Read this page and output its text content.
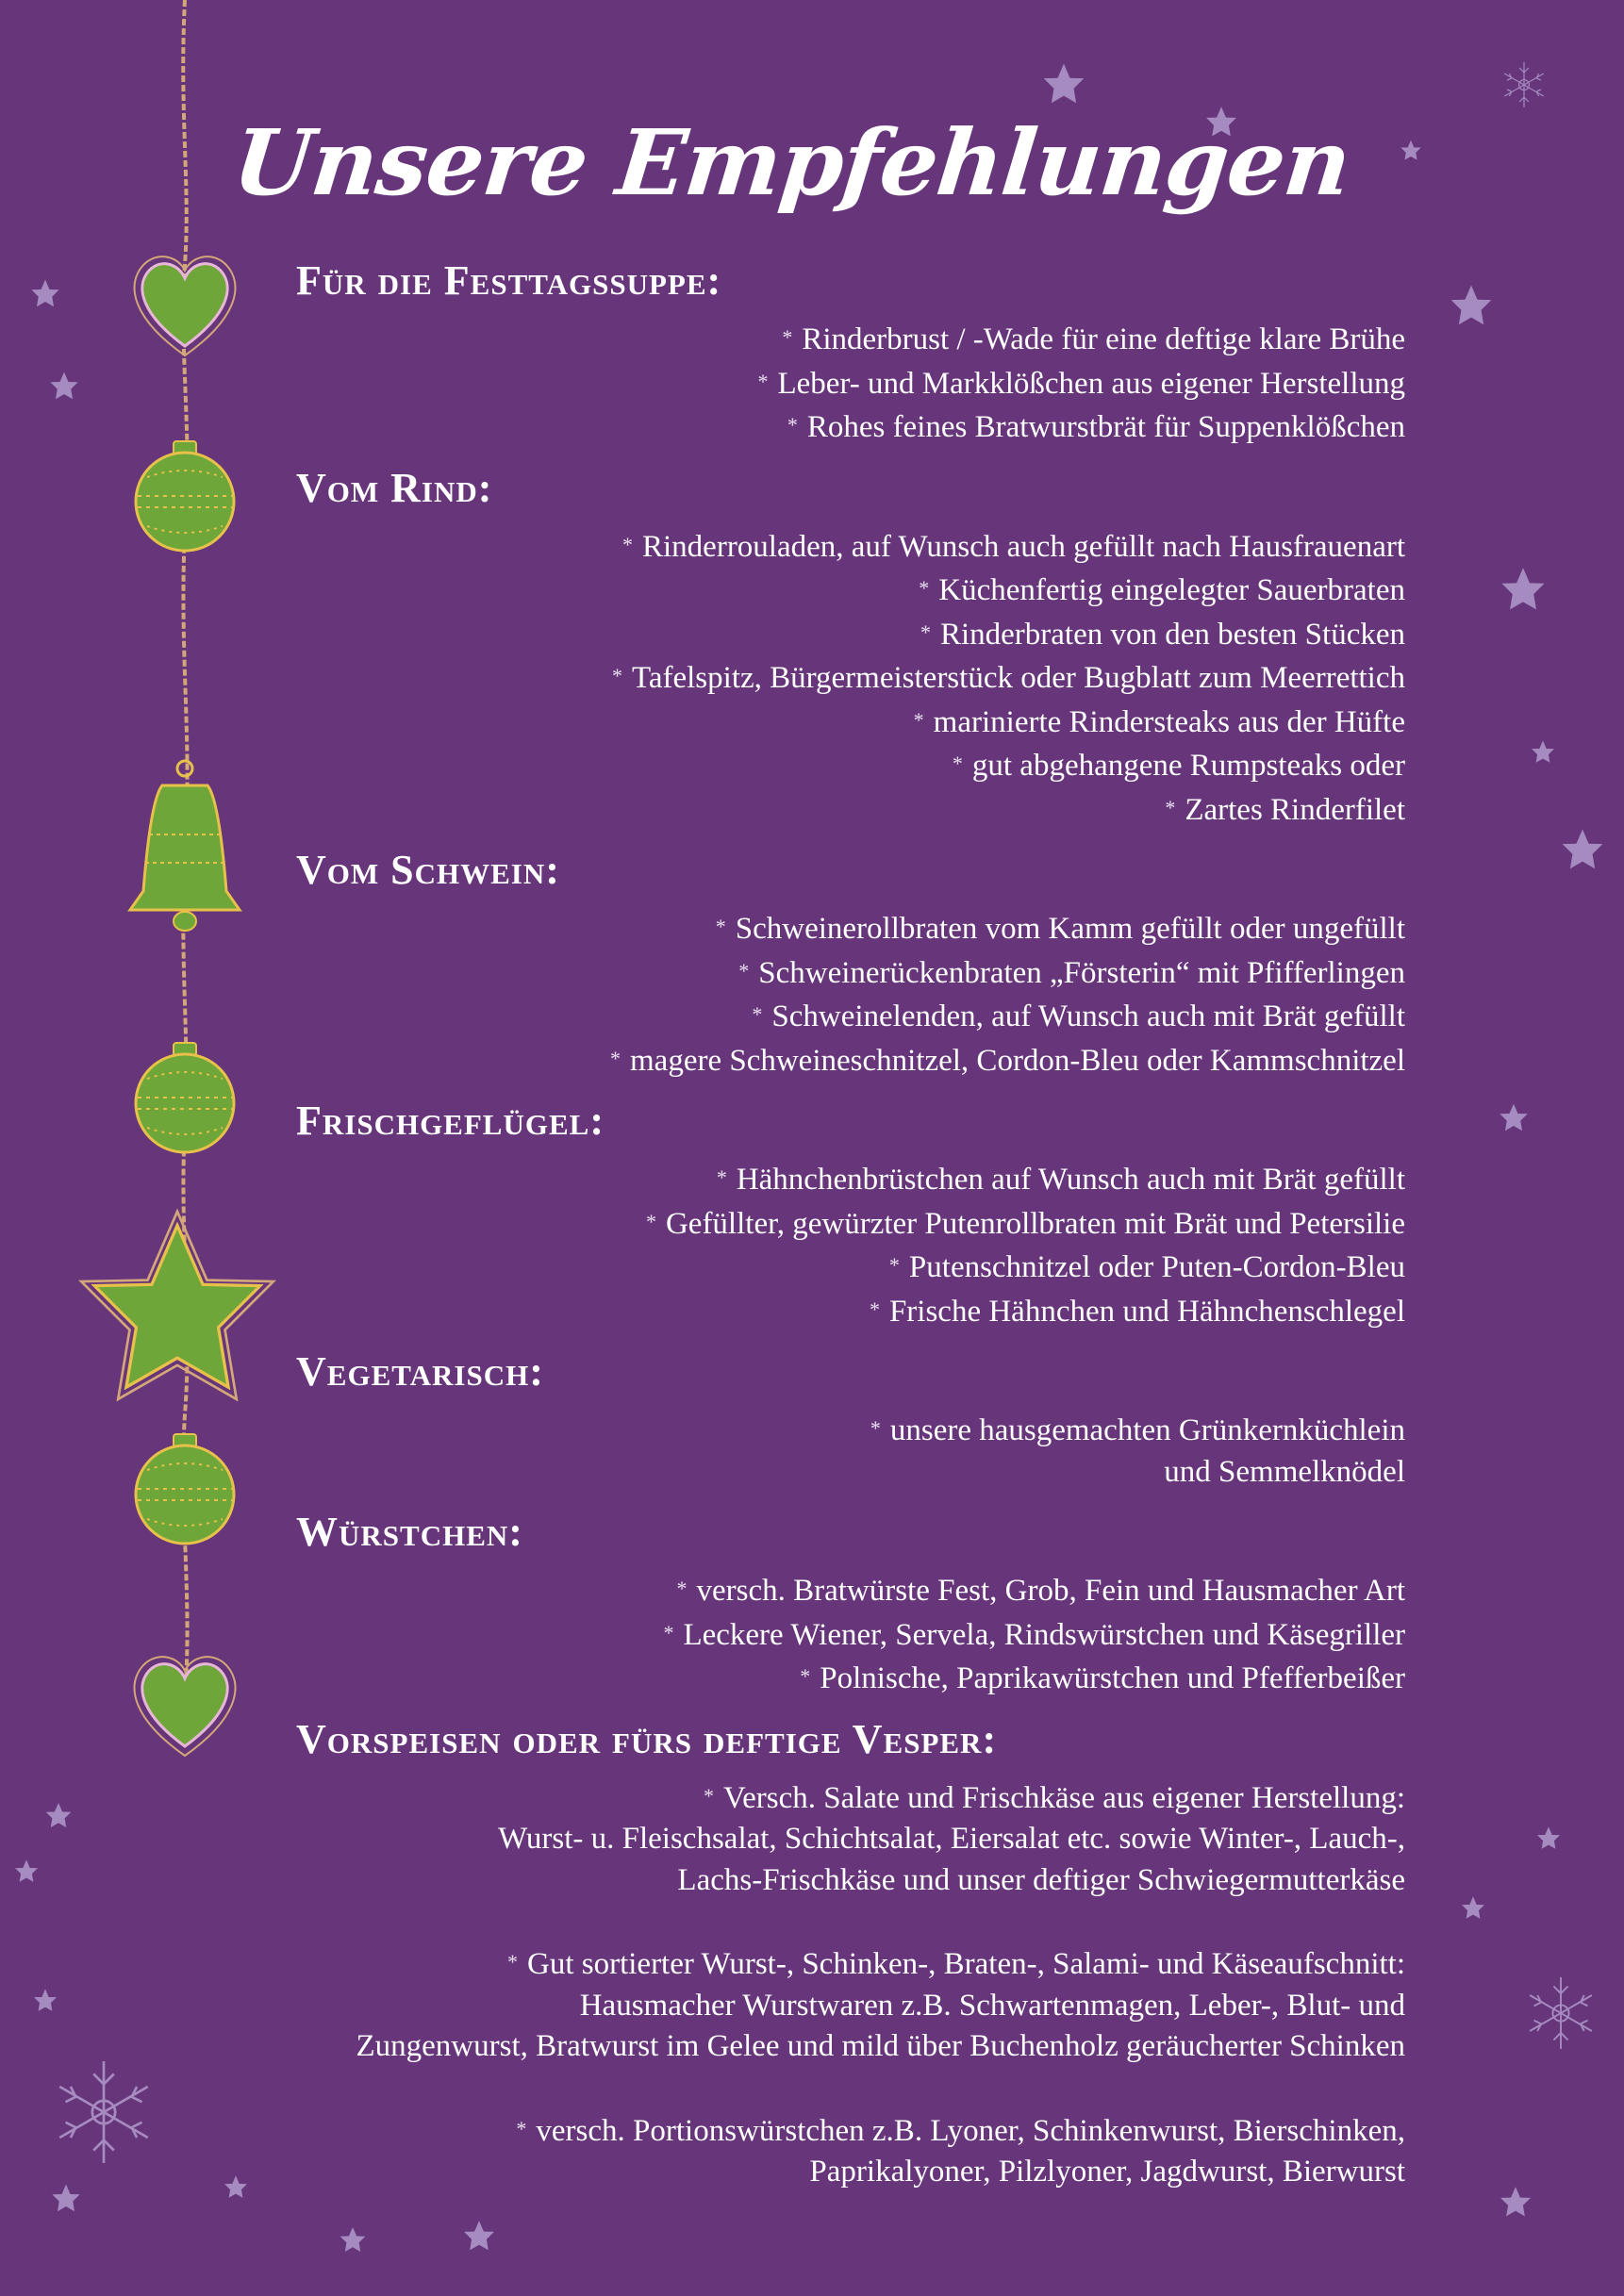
Unsere Empfehlungen
Für die Festtagssuppe:
* Rinderbrust / -Wade für eine deftige klare Brühe
* Leber- und Markklößchen aus eigener Herstellung
* Rohes feines Bratwurstbrät für Suppenklößchen
Vom Rind:
* Rinderrouladen, auf Wunsch auch gefüllt nach Hausfrauenart
* Küchenfertig eingelegter Sauerbraten
* Rinderbraten von den besten Stücken
* Tafelspitz, Bürgermeisterstück oder Bugblatt zum Meerrettich
* marinierte Rindersteaks aus der Hüfte
* gut abgehangene Rumpsteaks oder
* Zartes Rinderfilet
Vom Schwein:
* Schweinerollbraten vom Kamm gefüllt oder ungefüllt
* Schweinerückenbraten „Försterin“ mit Pfifferlingen
* Schweinelenden, auf Wunsch auch mit Brät gefüllt
* magere Schweineschnitzel, Cordon-Bleu oder Kammschnitzel
Frischgeflügel:
* Hähnchenbrüstchen auf Wunsch auch mit Brät gefüllt
* Gefüllter, gewürzter Putenrollbraten mit Brät und Petersilie
* Putenschnitzel oder Puten-Cordon-Bleu
* Frische Hähnchen und Hähnchenschlegel
Vegetarisch:
* unsere hausgemachten Grünkernküchlein
und Semmelknödel
Würstchen:
* versch. Bratwürste Fest, Grob, Fein und Hausmacher Art
* Leckere Wiener, Servela, Rindswürstchen und Käsegriller
* Polnische, Paprikawürstchen und Pfefferbeißer
Vorspeisen oder fürs deftige Vesper:
* Versch. Salate und Frischkäse aus eigener Herstellung:
Wurst- u. Fleischsalat, Schichtsalat, Eiersalat etc. sowie Winter-, Lauch-,
Lachs-Frischkäse und unser deftiger Schwiegermutterkäse
* Gut sortierter Wurst-, Schinken-, Braten-, Salami- und Käseaufschnitt:
Hausmacher Wurstwaren z.B. Schwartenmagen, Leber-, Blut- und
Zungenwurst, Bratwurst im Gelee und mild über Buchenholz geräucherter Schinken
* versch. Portionswürstchen z.B. Lyoner, Schinkenwurst, Bierschinken,
Paprikalyoner, Pilzlyoner, Jagdwurst, Bierwurst
